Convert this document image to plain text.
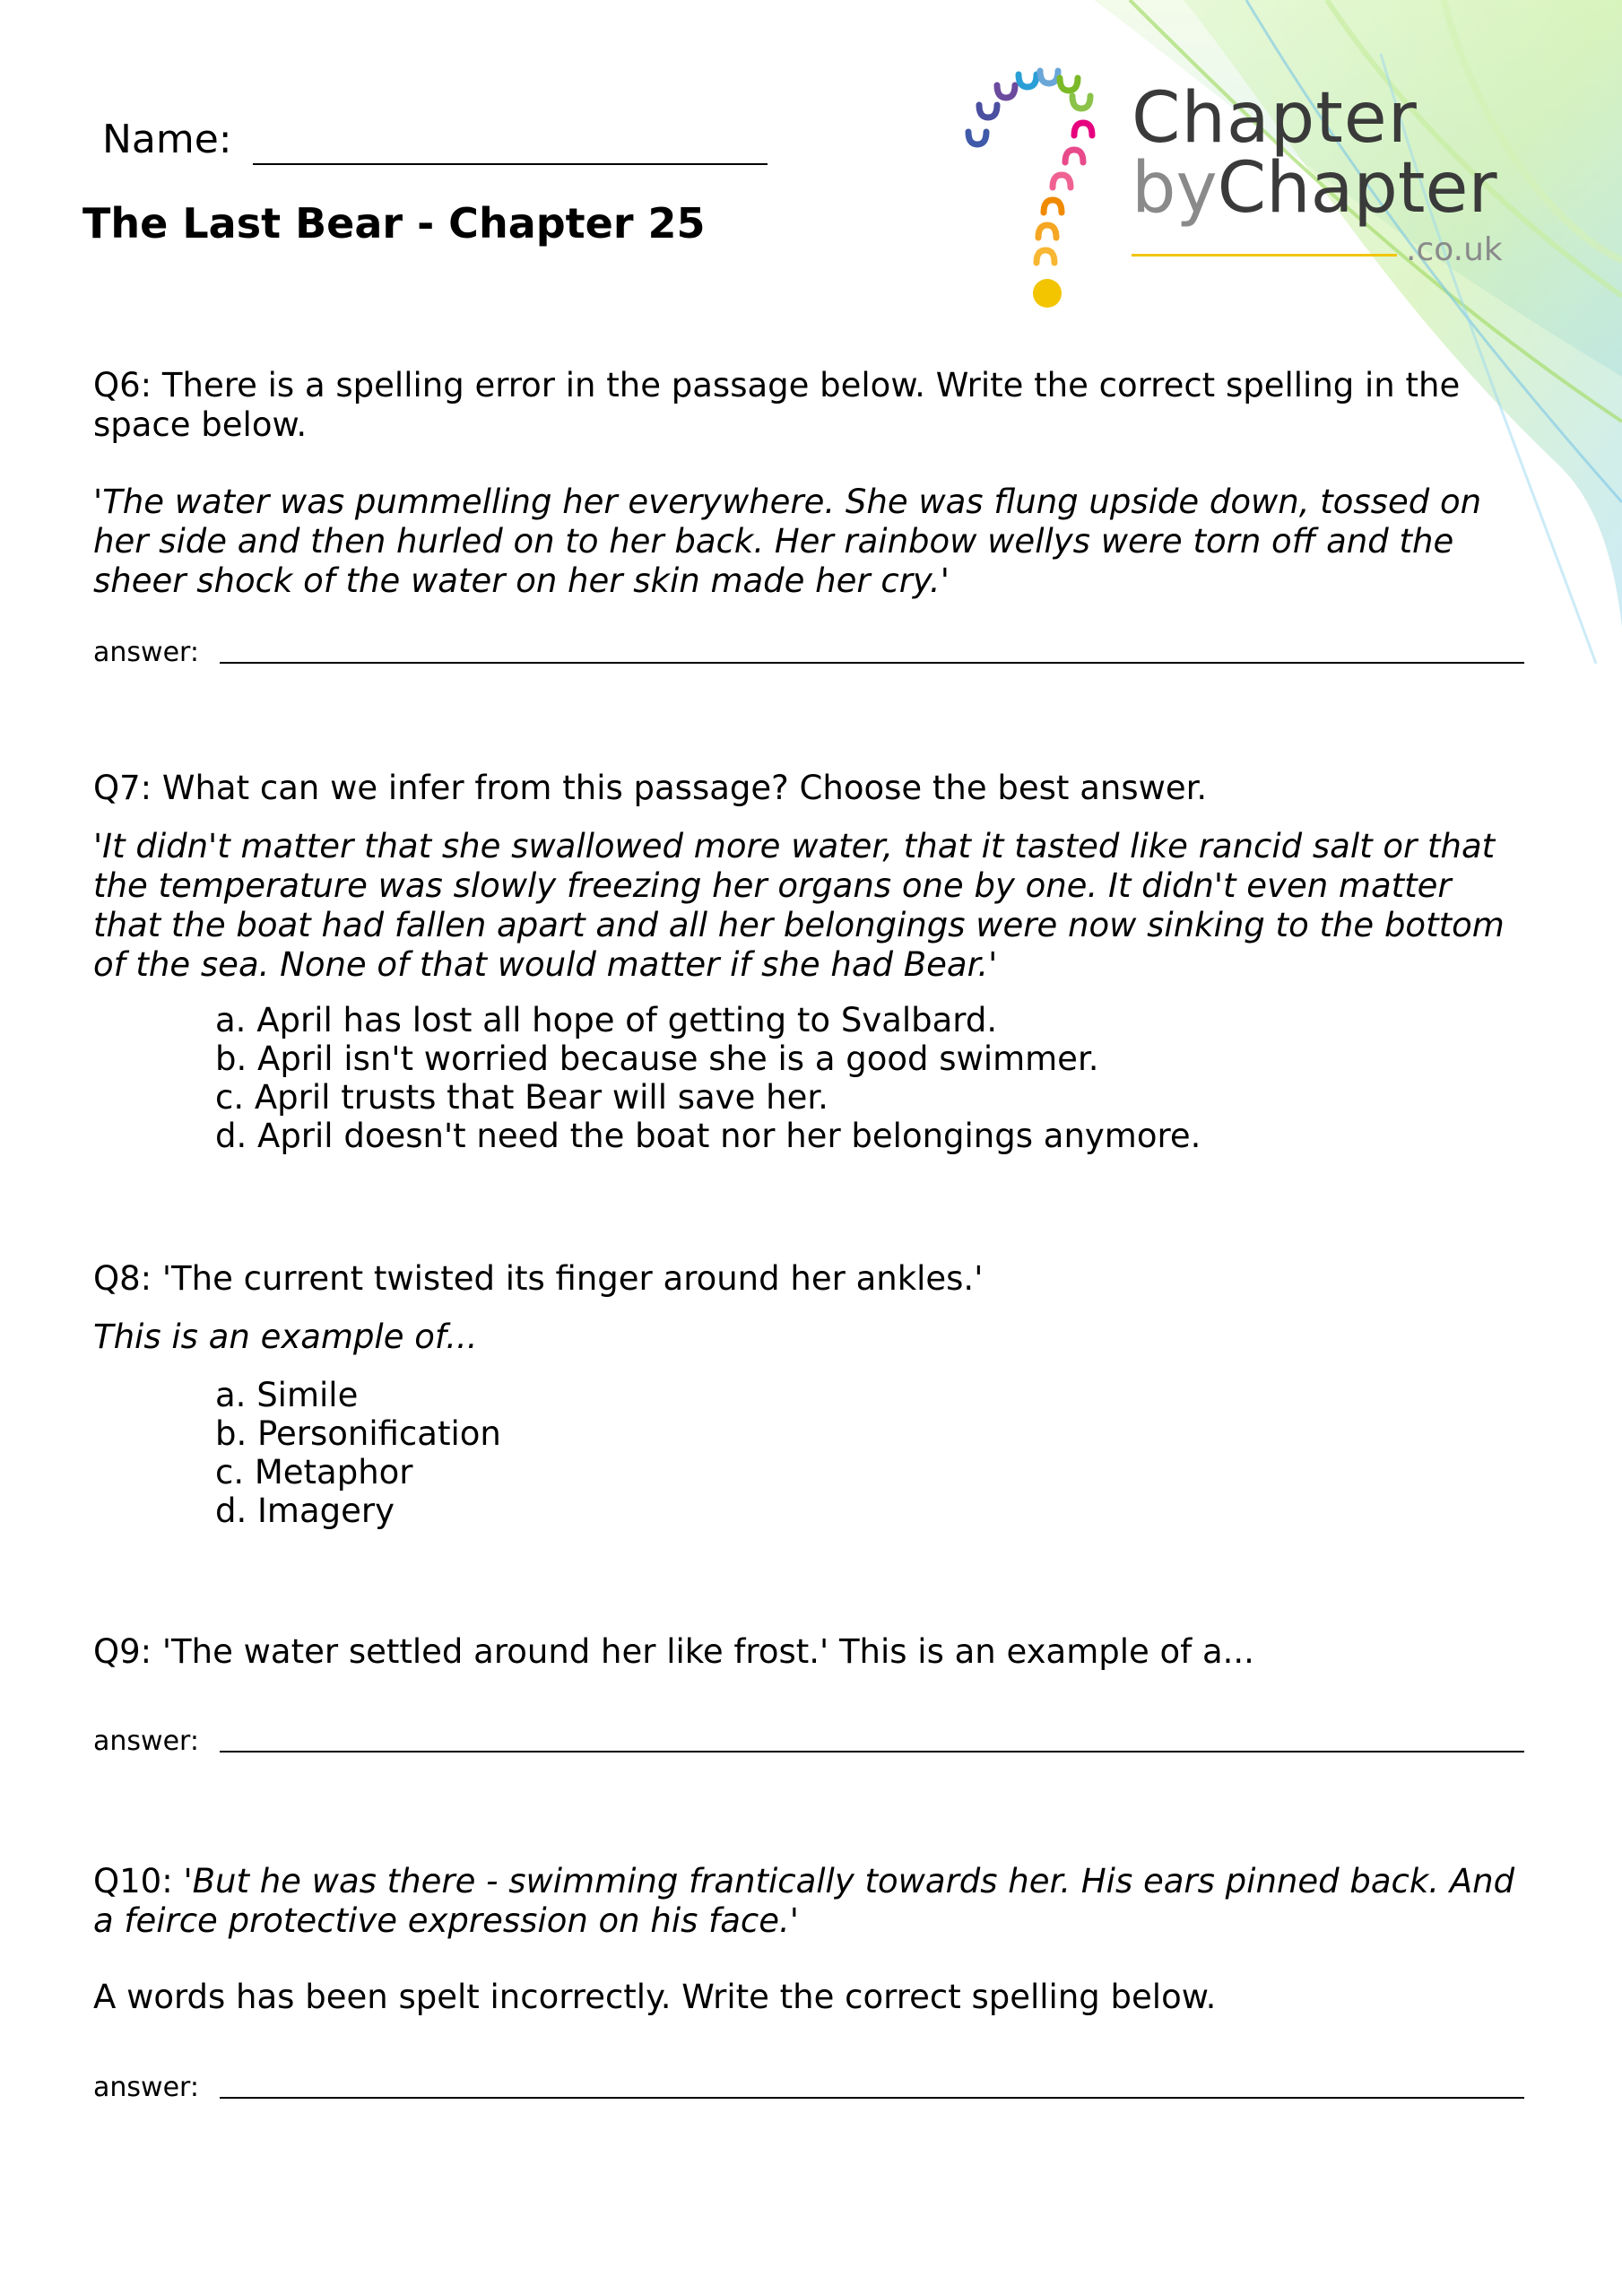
Chapter
byChapter
.co.uk
Name:
The Last Bear - Chapter 25
Q6: There is a spelling error in the passage below. Write the correct spelling in the space below.
'The water was pummelling her everywhere. She was flung upside down, tossed on her side and then hurled on to her back. Her rainbow wellys were torn off and the sheer shock of the water on her skin made her cry.'
answer:
Q7: What can we infer from this passage? Choose the best answer.
'It didn't matter that she swallowed more water, that it tasted like rancid salt or that the temperature was slowly freezing her organs one by one. It didn't even matter that the boat had fallen apart and all her belongings were now sinking to the bottom of the sea. None of that would matter if she had Bear.'
a. April has lost all hope of getting to Svalbard.
b. April isn't worried because she is a good swimmer.
c. April trusts that Bear will save her.
d. April doesn't need the boat nor her belongings anymore.
Q8: 'The current twisted its finger around her ankles.'
This is an example of...
a. Simile
b. Personification
c. Metaphor
d. Imagery
Q9: 'The water settled around her like frost.' This is an example of a...
answer:
Q10: 'But he was there - swimming frantically towards her. His ears pinned back. And a feirce protective expression on his face.'
A words has been spelt incorrectly. Write the correct spelling below.
answer:
